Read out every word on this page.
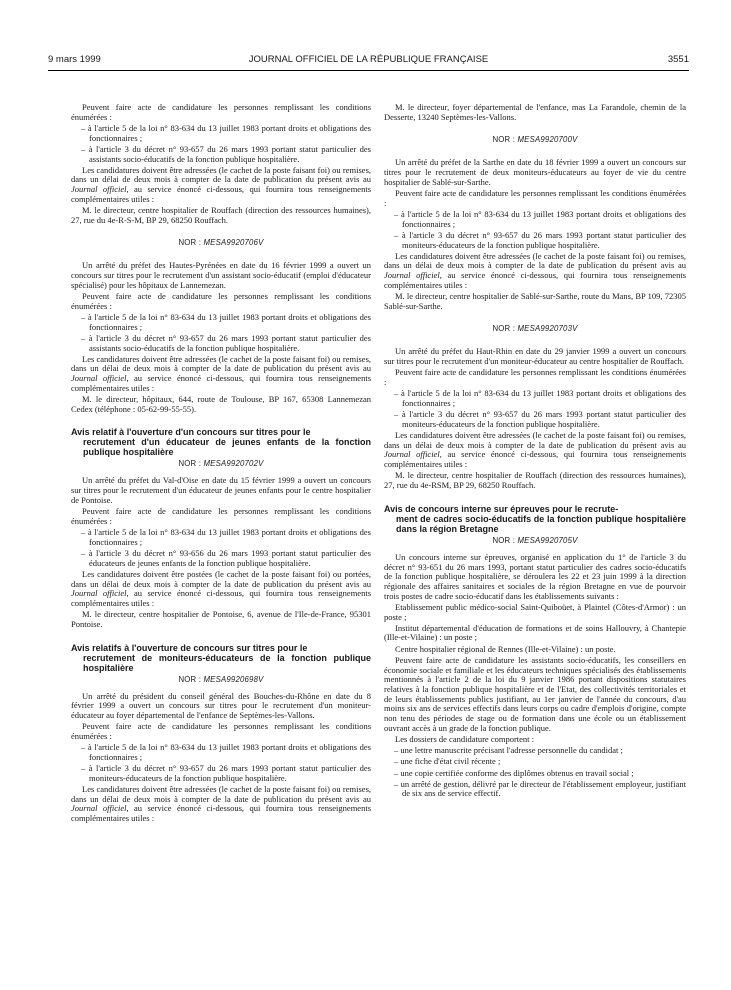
9 mars 1999	JOURNAL OFFICIEL DE LA RÉPUBLIQUE FRANÇAISE	3551

Peuvent faire acte de candidature les personnes remplissant les conditions énumérées :

– à l'article 5 de la loi n° 83-634 du 13 juillet 1983 portant droits et obligations des fonctionnaires ;

– à l'article 3 du décret n° 93-657 du 26 mars 1993 portant statut particulier des assistants socio-éducatifs de la fonction publique hospitalière.

Les candidatures doivent être adressées (le cachet de la poste faisant foi) ou remises, dans un délai de deux mois à compter de la date de publication du présent avis au Journal officiel, au service énoncé ci-dessous, qui fournira tous renseignements complémentaires utiles :

M. le directeur, centre hospitalier de Rouffach (direction des ressources humaines), 27, rue du 4e-R-S-M, BP 29, 68250 Rouffach.

NOR : MESA9920706V

Un arrêté du préfet des Hautes-Pyrénées en date du 16 février 1999 a ouvert un concours sur titres pour le recrutement d'un assistant socio-éducatif (emploi d'éducateur spécialisé) pour les hôpitaux de Lannemezan.

Peuvent faire acte de candidature les personnes remplissant les conditions énumérées :

– à l'article 5 de la loi n° 83-634 du 13 juillet 1983 portant droits et obligations des fonctionnaires ;

– à l'article 3 du décret n° 93-657 du 26 mars 1993 portant statut particulier des assistants socio-éducatifs de la fonction publique hospitalière.

Les candidatures doivent être adressées (le cachet de la poste faisant foi) ou remises, dans un délai de deux mois à compter de la date de publication du présent avis au Journal officiel, au service énoncé ci-dessous, qui fournira tous renseignements complémentaires utiles :

M. le directeur, hôpitaux, 644, route de Toulouse, BP 167, 65308 Lannemezan Cedex (téléphone : 05-62-99-55-55).

Avis relatif à l'ouverture d'un concours sur titres pour le
recrutement d'un éducateur de jeunes enfants de la fonction publique hospitalière
NOR : MESA9920702V

Un arrêté du préfet du Val-d'Oise en date du 15 février 1999 a ouvert un concours sur titres pour le recrutement d'un éducateur de jeunes enfants pour le centre hospitalier de Pontoise.

Peuvent faire acte de candidature les personnes remplissant les conditions énumérées :

– à l'article 5 de la loi n° 83-634 du 13 juillet 1983 portant droits et obligations des fonctionnaires ;

– à l'article 3 du décret n° 93-656 du 26 mars 1993 portant statut particulier des éducateurs de jeunes enfants de la fonction publique hospitalière.

Les candidatures doivent être postées (le cachet de la poste faisant foi) ou portées, dans un délai de deux mois à compter de la date de publication du présent avis au Journal officiel, au service énoncé ci-dessous, qui fournira tous renseignements complémentaires utiles :

M. le directeur, centre hospitalier de Pontoise, 6, avenue de l'Ile-de-France, 95301 Pontoise.

Avis relatifs à l'ouverture de concours sur titres pour le
recrutement de moniteurs-éducateurs de la fonction publique hospitalière
NOR : MESA9920698V

Un arrêté du président du conseil général des Bouches-du-Rhône en date du 8 février 1999 a ouvert un concours sur titres pour le recrutement d'un moniteur-éducateur au foyer départemental de l'enfance de Septèmes-les-Vallons.

Peuvent faire acte de candidature les personnes remplissant les conditions énumérées :

– à l'article 5 de la loi n° 83-634 du 13 juillet 1983 portant droits et obligations des fonctionnaires ;

– à l'article 3 du décret n° 93-657 du 26 mars 1993 portant statut particulier des moniteurs-éducateurs de la fonction publique hospitalière.

Les candidatures doivent être adressées (le cachet de la poste faisant foi) ou remises, dans un délai de deux mois à compter de la date de publication du présent avis au Journal officiel, au service énoncé ci-dessous, qui fournira tous renseignements complémentaires utiles :

M. le directeur, foyer départemental de l'enfance, mas La Farandole, chemin de la Desserte, 13240 Septèmes-les-Vallons.

NOR : MESA9920700V

Un arrêté du préfet de la Sarthe en date du 18 février 1999 a ouvert un concours sur titres pour le recrutement de deux moniteurs-éducateurs au foyer de vie du centre hospitalier de Sablé-sur-Sarthe.

Peuvent faire acte de candidature les personnes remplissant les conditions énumérées :

– à l'article 5 de la loi n° 83-634 du 13 juillet 1983 portant droits et obligations des fonctionnaires ;

– à l'article 3 du décret n° 93-657 du 26 mars 1993 portant statut particulier des moniteurs-éducateurs de la fonction publique hospitalière.

Les candidatures doivent être adressées (le cachet de la poste faisant foi) ou remises, dans un délai de deux mois à compter de la date de publication du présent avis au Journal officiel, au service énoncé ci-dessous, qui fournira tous renseignements complémentaires utiles :

M. le directeur, centre hospitalier de Sablé-sur-Sarthe, route du Mans, BP 109, 72305 Sablé-sur-Sarthe.

NOR : MESA9920703V

Un arrêté du préfet du Haut-Rhin en date du 29 janvier 1999 a ouvert un concours sur titres pour le recrutement d'un moniteur-éducateur au centre hospitalier de Rouffach.

Peuvent faire acte de candidature les personnes remplissant les conditions énumérées :

– à l'article 5 de la loi n° 83-634 du 13 juillet 1983 portant droits et obligations des fonctionnaires ;

– à l'article 3 du décret n° 93-657 du 26 mars 1993 portant statut particulier des moniteurs-éducateurs de la fonction publique hospitalière.

Les candidatures doivent être adressées (le cachet de la poste faisant foi) ou remises, dans un délai de deux mois à compter de la date de publication du présent avis au Journal officiel, au service énoncé ci-dessous, qui fournira tous renseignements complémentaires utiles :

M. le directeur, centre hospitalier de Rouffach (direction des ressources humaines), 27, rue du 4e-RSM, BP 29, 68250 Rouffach.

Avis de concours interne sur épreuves pour le recrute-
ment de cadres socio-éducatifs de la fonction publique hospitalière dans la région Bretagne
NOR : MESA9920705V

Un concours interne sur épreuves, organisé en application du 1° de l'article 3 du décret n° 93-651 du 26 mars 1993, portant statut particulier des cadres socio-éducatifs de la fonction publique hospitalière, se déroulera les 22 et 23 juin 1999 à la direction régionale des affaires sanitaires et sociales de la région Bretagne en vue de pourvoir trois postes de cadre socio-éducatif dans les établissements suivants :

Etablissement public médico-social Saint-Quiboüet, à Plaintel (Côtes-d'Armor) : un poste ;

Institut départemental d'éducation de formations et de soins Hallouvry, à Chantepie (Ille-et-Vilaine) : un poste ;

Centre hospitalier régional de Rennes (Ille-et-Vilaine) : un poste.

Peuvent faire acte de candidature les assistants socio-éducatifs, les conseillers en économie sociale et familiale et les éducateurs techniques spécialisés des établissements mentionnés à l'article 2 de la loi du 9 janvier 1986 portant dispositions statutaires relatives à la fonction publique hospitalière et de l'Etat, des collectivités territoriales et de leurs établissements publics justifiant, au 1er janvier de l'année du concours, d'au moins six ans de services effectifs dans leurs corps ou cadre d'emplois d'origine, compte non tenu des périodes de stage ou de formation dans une école ou un établissement ouvrant accès à un grade de la fonction publique.

Les dossiers de candidature comportent :

– une lettre manuscrite précisant l'adresse personnelle du candidat ;

– une fiche d'état civil récente ;

– une copie certifiée conforme des diplômes obtenus en travail social ;

– un arrêté de gestion, délivré par le directeur de l'établissement employeur, justifiant de six ans de service effectif.
